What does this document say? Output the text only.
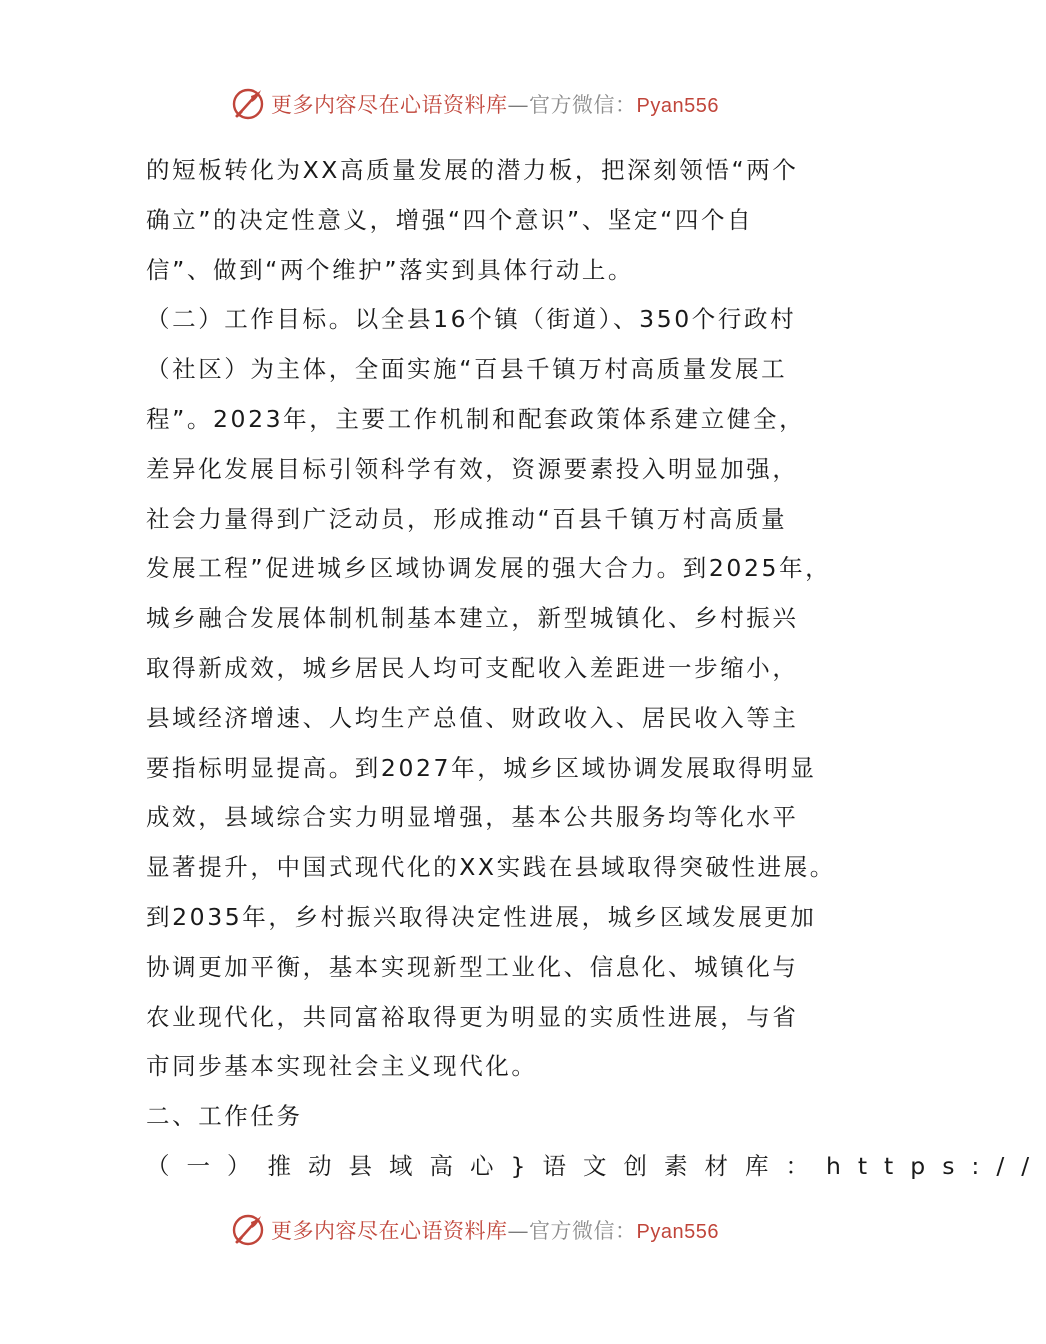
更多内容尽在心语资料库—官方微信：Pyan556
的短板转化为XX高质量发展的潜力板，把深刻领悟“两个
确立”的决定性意义，增强“四个意识”、坚定“四个自
信”、做到“两个维护”落实到具体行动上。
（二）工作目标。以全县16个镇（街道）、350个行政村
（社区）为主体，全面实施“百县千镇万村高质量发展工
程”。2023年，主要工作机制和配套政策体系建立健全，
差异化发展目标引领科学有效，资源要素投入明显加强，
社会力量得到广泛动员，形成推动“百县千镇万村高质量
发展工程”促进城乡区域协调发展的强大合力。到2025年，
城乡融合发展体制机制基本建立，新型城镇化、乡村振兴
取得新成效，城乡居民人均可支配收入差距进一步缩小，
县域经济增速、人均生产总值、财政收入、居民收入等主
要指标明显提高。到2027年，城乡区域协调发展取得明显
成效，县域综合实力明显增强，基本公共服务均等化水平
显著提升，中国式现代化的XX实践在县域取得突破性进展。
到2035年，乡村振兴取得决定性进展，城乡区域发展更加
协调更加平衡，基本实现新型工业化、信息化、城镇化与
农业现代化，共同富裕取得更为明显的实质性进展，与省
市同步基本实现社会主义现代化。
二、工作任务
（一）推动县域高心}语文创素材库：https://
更多内容尽在心语资料库—官方微信：Pyan556
